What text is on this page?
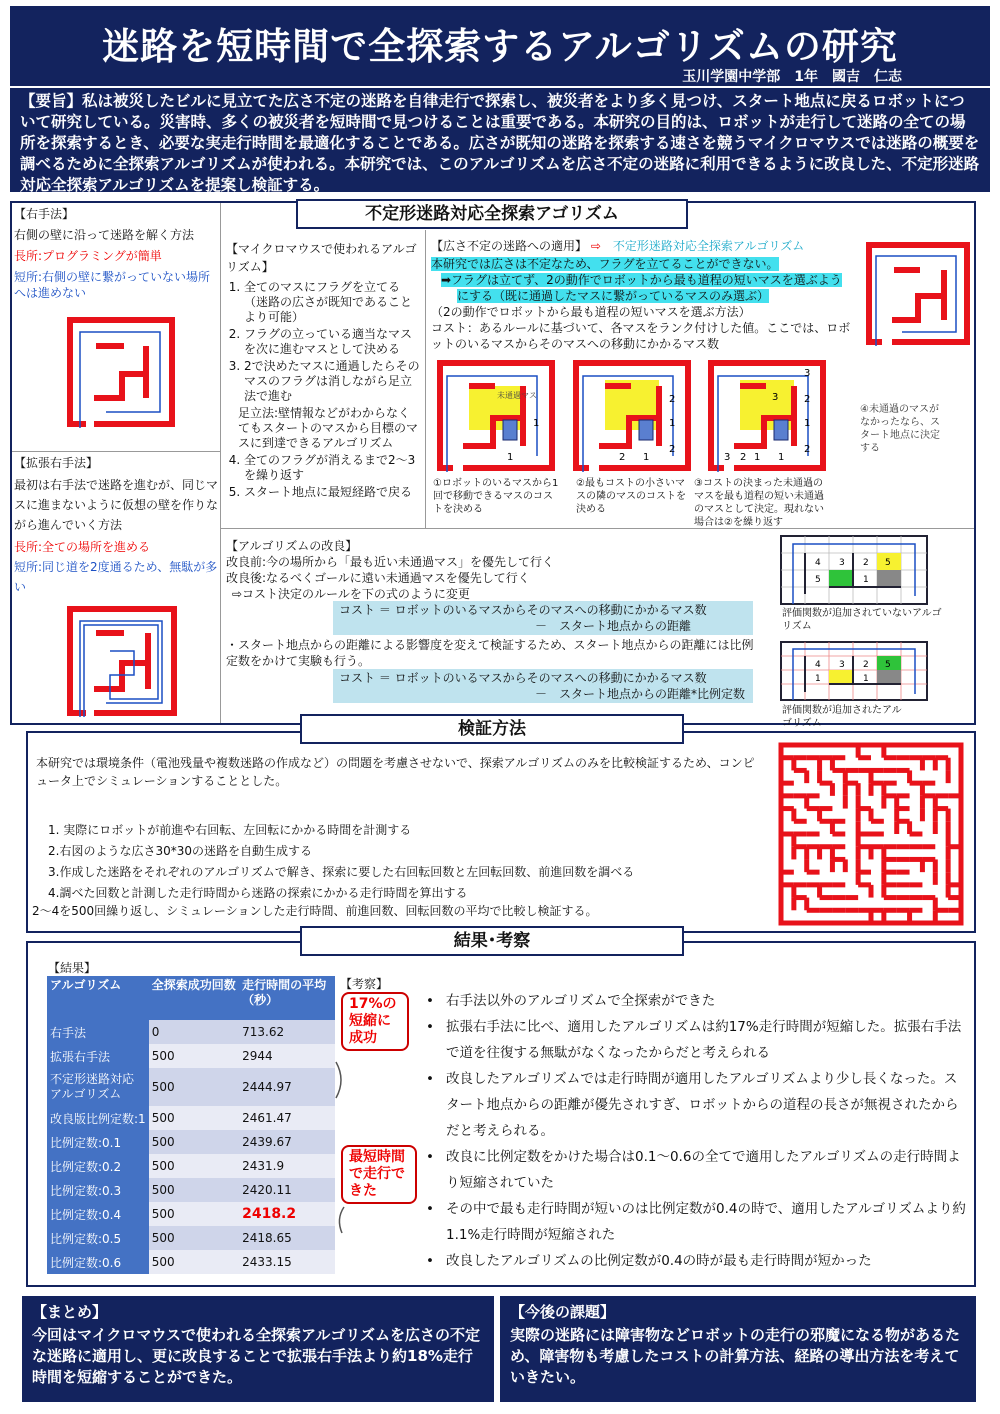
迷路を短時間で全探索するアルゴリズムの研究
玉川学園中学部　1年　國吉　仁志
【要旨】私は被災したビルに見立てた広さ不定の迷路を自律走行で探索し、被災者をより多く見つけ、スタート地点に戻るロボットについて研究している。災害時、多くの被災者を短時間で見つけることは重要である。本研究の目的は、ロボットが走行して迷路の全ての場所を探索するとき、必要な実走行時間を最適化することである。広さが既知の迷路を探索する速さを競うマイクロマウスでは迷路の概要を調べるために全探索アルゴリズムが使われる。本研究では、このアルゴリズムを広さ不定の迷路に利用できるように改良した、不定形迷路対応全探索アルゴリズムを提案し検証する。
不定形迷路対応全探索アゴリズム
【右手法】
右側の壁に沿って迷路を解く方法
長所:プログラミングが簡単
短所:右側の壁に繋がっていない場所へは進めない
【拡張右手法】
最初は右手法で迷路を進むが、同じマスに進まないように仮想の壁を作りながら進んでいく方法
長所:全ての場所を進める
短所:同じ道を2度通るため、無駄が多い
【マイクロマウスで使われるアルゴリズム】
1. 全てのマスにフラグを立てる（迷路の広さが既知であることより可能）
2. フラグの立っている適当なマスを次に進むマスとして決める
3. 2で決めたマスに通過したらそのマスのフラグは消しながら足立法で進む
足立法:壁情報などがわからなくてもスタートのマスから目標のマスに到達できるアルゴリズム
4. 全てのフラグが消えるまで2〜3を繰り返す
5. スタート地点に最短経路で戻る
【広さ不定の迷路への適用】 ⇨　 不定形迷路対応全探索アルゴリズム
本研究では広さは不定なため、フラグを立てることができない。
➡フラグは立てず、2の動作でロボットから最も道程の短いマスを選ぶよう
にする（既に通過したマスに繋がっているマスのみ選ぶ）
（2の動作でロボットから最も道程の短いマスを選ぶ方法）
コスト：あるルールに基づいて、各マスをランク付けした値。ここでは、ロボットのいるマスからそのマスへの移動にかかるマス数
未通過マス
1
1
2
1
2
2 1
3
3
2
1
2
3 2 1 1
①ロボットのいるマスから1回で移動できるマスのコストを決める
②最もコストの小さいマスの隣のマスのコストを決める
③コストの決まった未通過のマスを最も道程の短い未通過のマスとして決定。現れない場合は②を繰り返す
④未通過のマスがなかったなら、スタート地点に決定する
【アルゴリズムの改良】
改良前:今の場所から「最も近い未通過マス」を優先して行く
改良後:なるべくゴールに遠い未通過マスを優先して行く
⇨コスト決定のルールを下の式のように変更
コスト ＝ ロボットのいるマスからそのマスへの移動にかかるマス数
－　スタート地点からの距離
・スタート地点からの距離による影響度を変えて検証するため、スタート地点からの距離には比例定数をかけて実験も行う。
コスト ＝ ロボットのいるマスからそのマスへの移動にかかるマス数
－　スタート地点からの距離*比例定数
4 3 2 5
5	1
評価関数が追加されていないアルゴリズム
4 3 2 5
1	1
評価関数が追加されたアルゴリズム
検証方法
本研究では環境条件（電池残量や複数迷路の作成など）の問題を考慮させないで、探索アルゴリズムのみを比較検証するため、コンピュータ上でシミュレーションすることとした。
1. 実際にロボットが前進や右回転、左回転にかかる時間を計測する
2.右図のような広さ30*30の迷路を自動生成する
3.作成した迷路をそれぞれのアルゴリズムで解き、探索に要した右回転回数と左回転回数、前進回数を調べる
4.調べた回数と計測した走行時間から迷路の探索にかかる走行時間を算出する
2〜4を500回繰り返し、シミュレーションした走行時間、前進回数、回転回数の平均で比較し検証する。
結果･考察
【結果】
【考察】
アルゴリズム	全探索成功回数	走行時間の平均（秒）
右手法	0	713.62
拡張右手法	500	2944
不定形迷路対応アルゴリズム	500	2444.97
改良版比例定数:1	500	2461.47
比例定数:0.1	500	2439.67
比例定数:0.2	500	2431.9
比例定数:0.3	500	2420.11
比例定数:0.4	500	2418.2
比例定数:0.5	500	2418.65
比例定数:0.6	500	2433.15
17%の短縮に成功
最短時間で走行できた
• 右手法以外のアルゴリズムで全探索ができた
• 拡張右手法に比べ、適用したアルゴリズムは約17%走行時間が短縮した。拡張右手法で道を往復する無駄がなくなったからだと考えられる
• 改良したアルゴリズムでは走行時間が適用したアルゴリズムより少し長くなった。スタート地点からの距離が優先されすぎ、ロボットからの道程の長さが無視されたからだと考えられる。
• 改良に比例定数をかけた場合は0.1〜0.6の全てで適用したアルゴリズムの走行時間より短縮されていた
• その中で最も走行時間が短いのは比例定数が0.4の時で、適用したアルゴリズムより約1.1%走行時間が短縮された
• 改良したアルゴリズムの比例定数が0.4の時が最も走行時間が短かった
【まとめ】
今回はマイクロマウスで使われる全探索アルゴリズムを広さの不定な迷路に適用し、更に改良することで拡張右手法より約18%走行時間を短縮することができた。
【今後の課題】
実際の迷路には障害物などロボットの走行の邪魔になる物があるため、障害物も考慮したコストの計算方法、経路の導出方法を考えていきたい。
